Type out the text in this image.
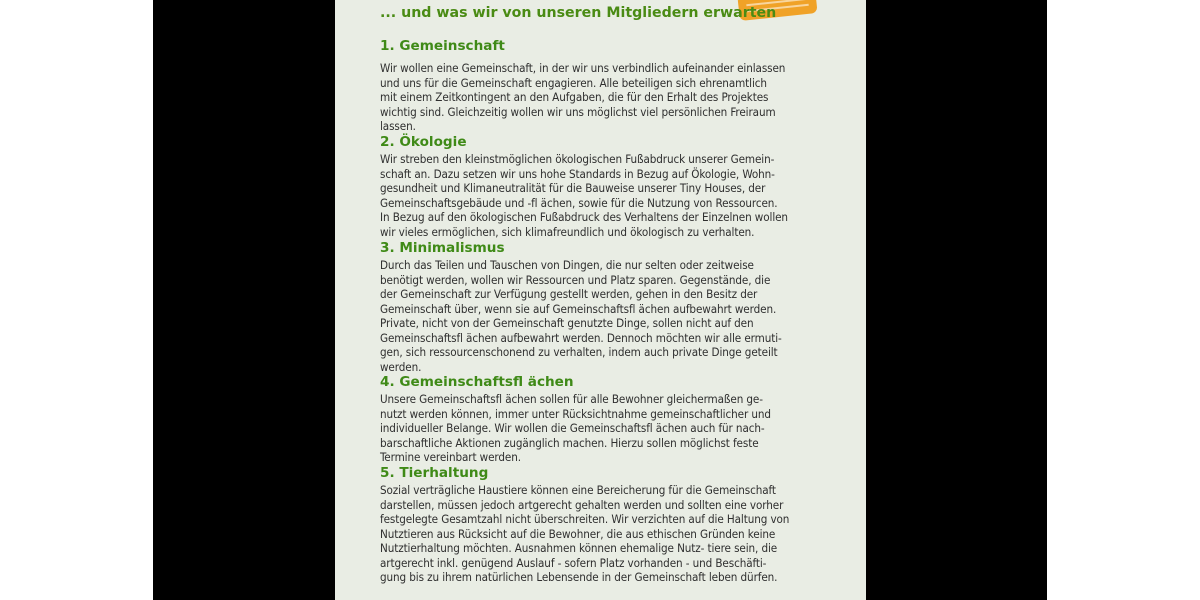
... und was wir von unseren Mitgliedern erwarten
1. Gemeinschaft

Wir wollen eine Gemeinschaft, in der wir uns verbindlich aufeinander einlassen
und uns für die Gemeinschaft engagieren. Alle beteiligen sich ehrenamtlich
mit einem Zeitkontingent an den Aufgaben, die für den Erhalt des Projektes
wichtig sind. Gleichzeitig wollen wir uns möglichst viel persönlichen Freiraum
lassen.

2. Ökologie

Wir streben den kleinstmöglichen ökologischen Fußabdruck unserer Gemein-
schaft an. Dazu setzen wir uns hohe Standards in Bezug auf Ökologie, Wohn-
gesundheit und Klimaneutralität für die Bauweise unserer Tiny Houses, der
Gemeinschaftsgebäude und -fl ächen, sowie für die Nutzung von Ressourcen.
In Bezug auf den ökologischen Fußabdruck des Verhaltens der Einzelnen wollen
wir vieles ermöglichen, sich klimafreundlich und ökologisch zu verhalten.

3. Minimalismus

Durch das Teilen und Tauschen von Dingen, die nur selten oder zeitweise
benötigt werden, wollen wir Ressourcen und Platz sparen. Gegenstände, die
der Gemeinschaft zur Verfügung gestellt werden, gehen in den Besitz der
Gemeinschaft über, wenn sie auf Gemeinschaftsfl ächen aufbewahrt werden.
Private, nicht von der Gemeinschaft genutzte Dinge, sollen nicht auf den
Gemeinschaftsfl ächen aufbewahrt werden. Dennoch möchten wir alle ermuti-
gen, sich ressourcenschonend zu verhalten, indem auch private Dinge geteilt
werden.

4. Gemeinschaftsfl ächen

Unsere Gemeinschaftsfl ächen sollen für alle Bewohner gleichermaßen ge-
nutzt werden können, immer unter Rücksichtnahme gemeinschaftlicher und
individueller Belange. Wir wollen die Gemeinschaftsfl ächen auch für nach-
barschaftliche Aktionen zugänglich machen. Hierzu sollen möglichst feste
Termine vereinbart werden.

5. Tierhaltung

Sozial verträgliche Haustiere können eine Bereicherung für die Gemeinschaft
darstellen, müssen jedoch artgerecht gehalten werden und sollten eine vorher
festgelegte Gesamtzahl nicht überschreiten. Wir verzichten auf die Haltung von
Nutztieren aus Rücksicht auf die Bewohner, die aus ethischen Gründen keine
Nutztierhaltung möchten. Ausnahmen können ehemalige Nutz- tiere sein, die
artgerecht inkl. genügend Auslauf - sofern Platz vorhanden - und Beschäfti-
gung bis zu ihrem natürlichen Lebensende in der Gemeinschaft leben dürfen.
